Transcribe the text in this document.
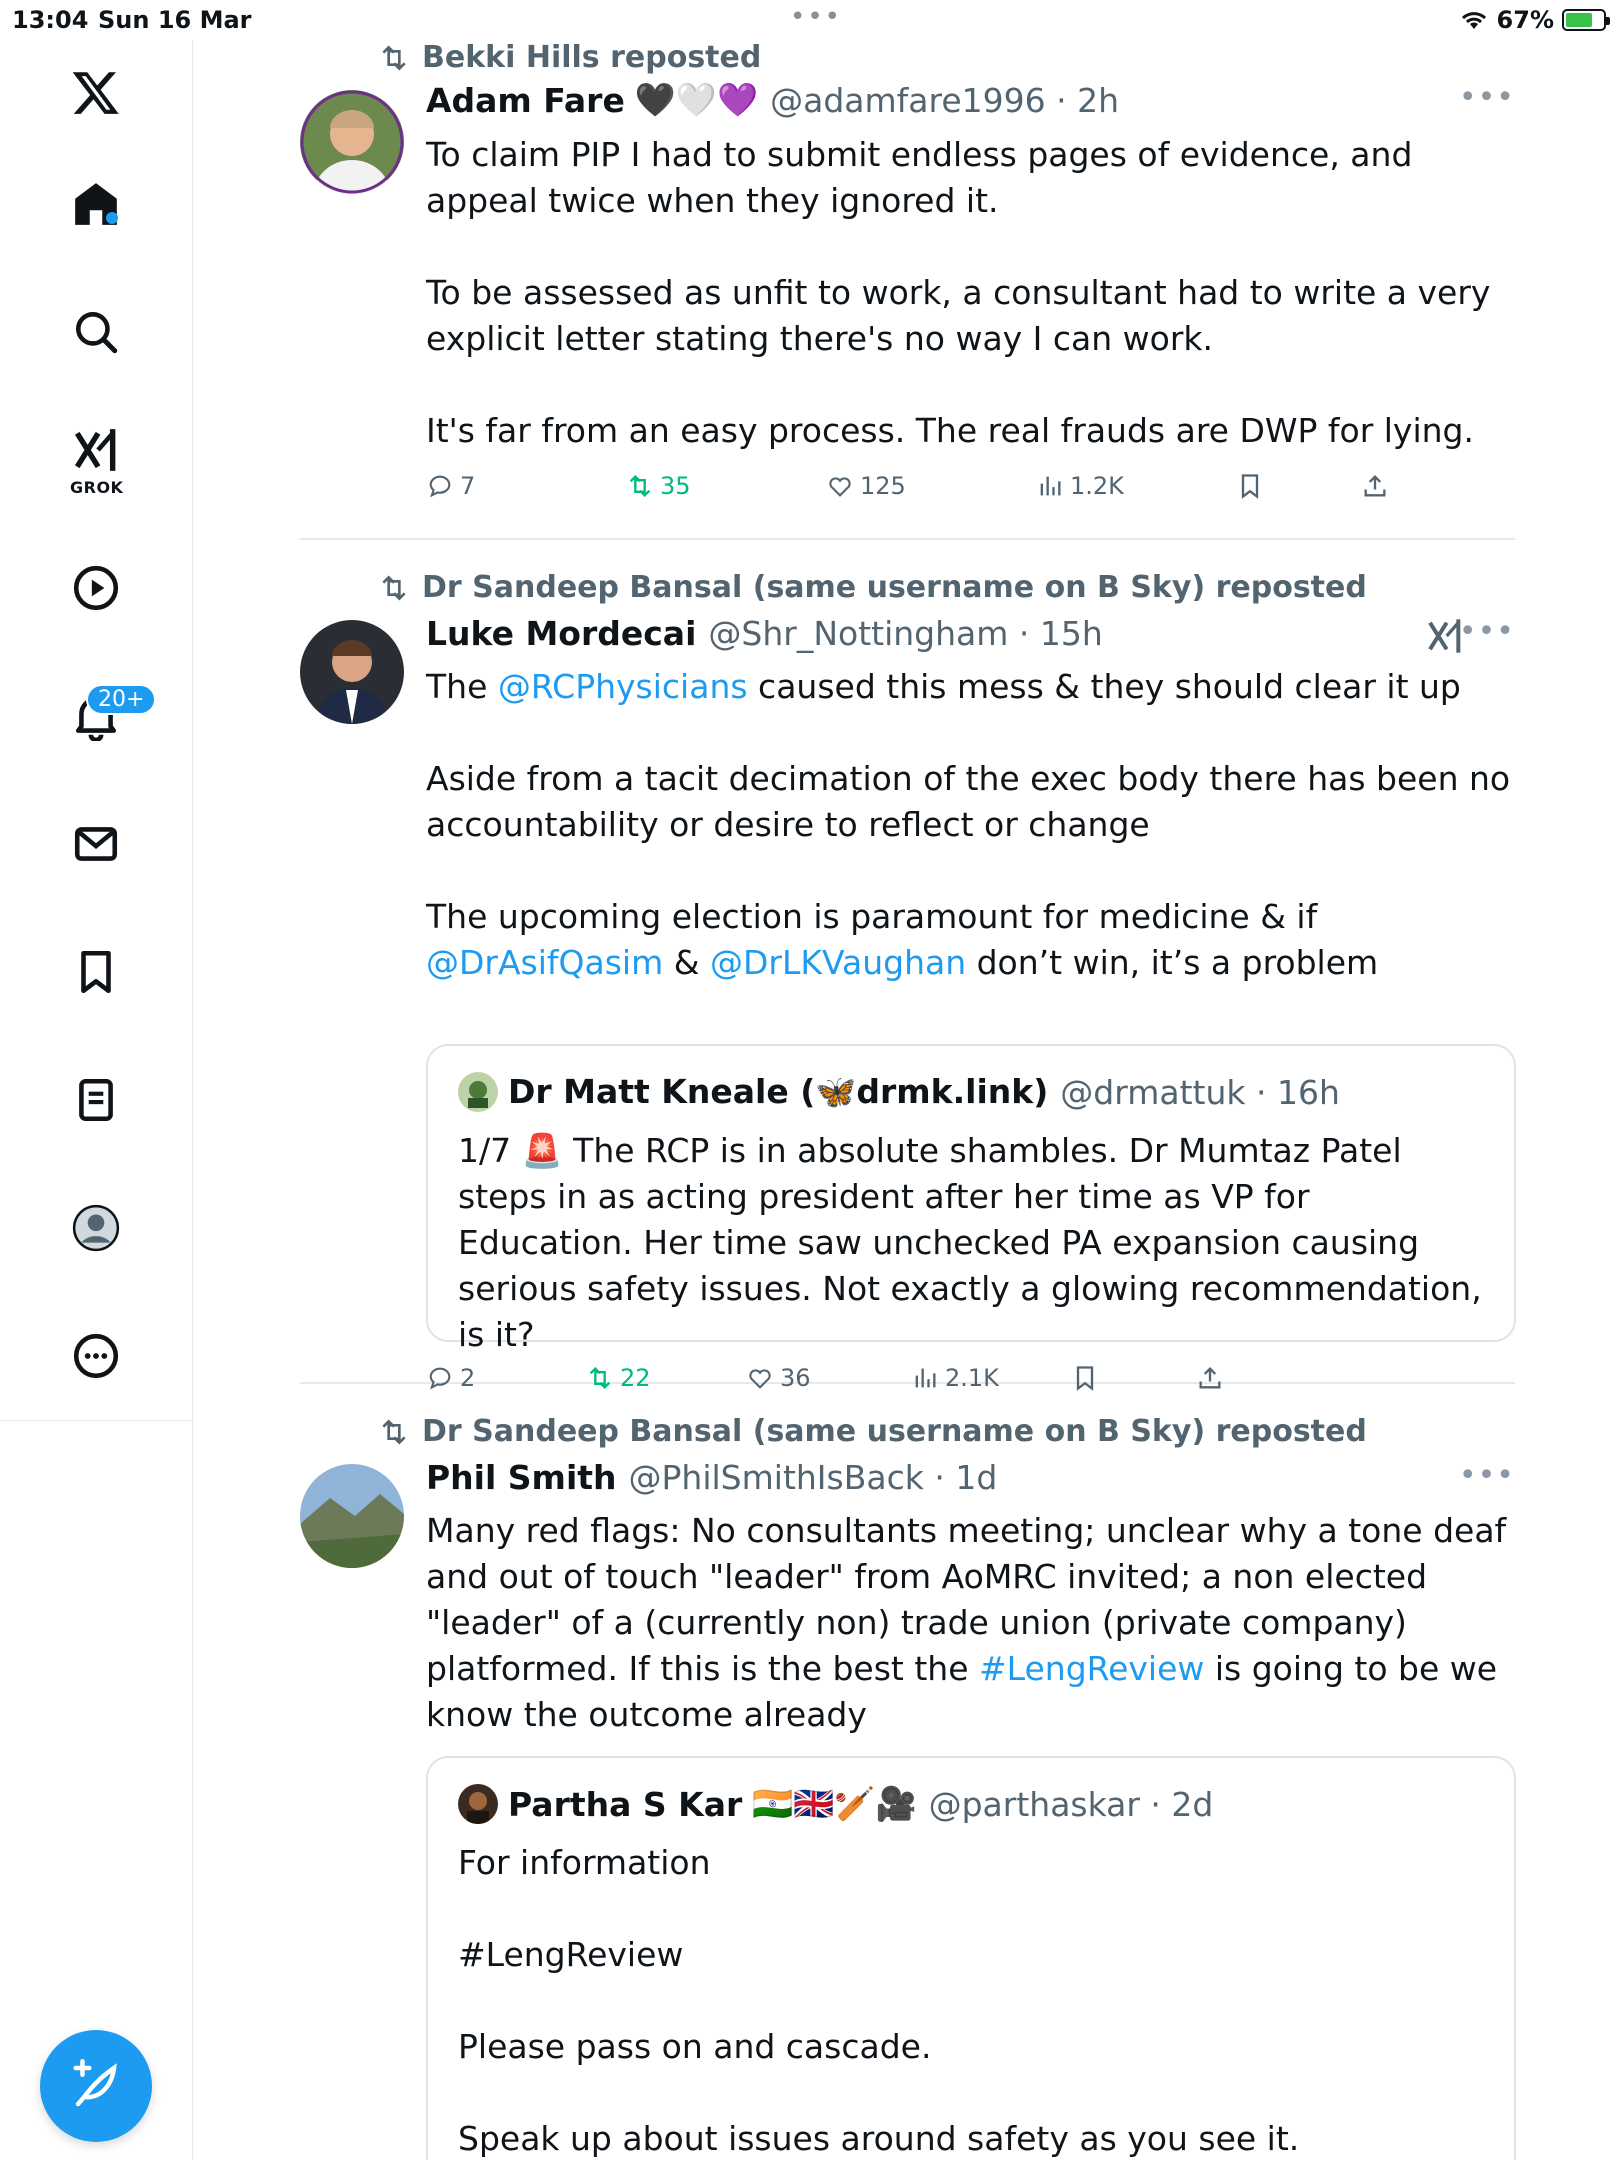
13:04 Sun 16 Mar	•••	67%
GROK
20+
Bekki Hills reposted
Adam Fare 🖤🤍💜 @adamfare1996 · 2h	•••

To claim PIP I had to submit endless pages of evidence, and appeal twice when they ignored it.

To be assessed as unfit to work, a consultant had to write a very explicit letter stating there's no way I can work.

It's far from an easy process. The real frauds are DWP for lying.

7	35	125	1.2K
Dr Sandeep Bansal (same username on B Sky) reposted
Luke Mordecai @Shr_Nottingham · 15h	•••

The @RCPhysicians caused this mess & they should clear it up

Aside from a tacit decimation of the exec body there has been no accountability or desire to reflect or change

The upcoming election is paramount for medicine & if @DrAsifQasim & @DrLKVaughan don’t win, it’s a problem

Dr Matt Kneale (🦋drmk.link) @drmattuk · 16h
1/7 🚨 The RCP is in absolute shambles. Dr Mumtaz Patel steps in as acting president after her time as VP for Education. Her time saw unchecked PA expansion causing serious safety issues. Not exactly a glowing recommendation, is it?
2	22	36	2.1K
Dr Sandeep Bansal (same username on B Sky) reposted
Phil Smith @PhilSmithIsBack · 1d	•••

Many red flags: No consultants meeting; unclear why a tone deaf and out of touch "leader" from AoMRC invited; a non elected "leader" of a (currently non) trade union (private company) platformed. If this is the best the #LengReview is going to be we know the outcome already

Partha S Kar 🇮🇳🇬🇧🏏🎥 @parthaskar · 2d

For information

#LengReview

Please pass on and cascade.

Speak up about issues around safety as you see it.
